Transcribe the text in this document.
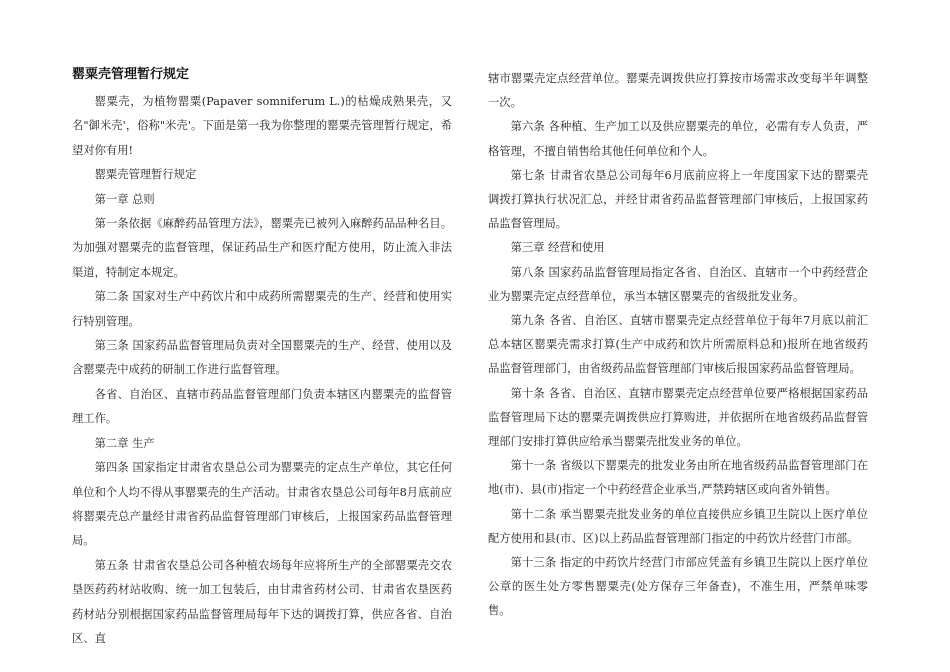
罂粟壳管理暂行规定

罂粟壳，为植物罂粟(Papaver somniferum L.)的枯燥成熟果壳，又名"御米壳'，俗称"米壳'。下面是第一我为你整理的罂粟壳管理暂行规定，希望对你有用!

罂粟壳管理暂行规定

第一章 总则

第一条依据《麻醉药品管理方法》，罂粟壳已被列入麻醉药品品种名目。为加强对罂粟壳的监督管理，保证药品生产和医疗配方使用，防止流入非法渠道，特制定本规定。

第二条 国家对生产中药饮片和中成药所需罂粟壳的生产、经营和使用实行特别管理。

第三条 国家药品监督管理局负责对全国罂粟壳的生产、经营、使用以及含罂粟壳中成药的研制工作进行监督管理。

各省、自治区、直辖市药品监督管理部门负责本辖区内罂粟壳的监督管理工作。

第二章 生产

第四条 国家指定甘肃省农垦总公司为罂粟壳的定点生产单位，其它任何单位和个人均不得从事罂粟壳的生产活动。甘肃省农垦总公司每年8月底前应将罂粟壳总产量经甘肃省药品监督管理部门审核后，上报国家药品监督管理局。

第五条 甘肃省农垦总公司各种植农场每年应将所生产的全部罂粟壳交农垦医药药材站收购、统一加工包装后，由甘肃省药材公司、甘肃省农垦医药药材站分别根据国家药品监督管理局每年下达的调拨打算，供应各省、自治区、直

辖市罂粟壳定点经营单位。罂粟壳调拨供应打算按市场需求改变每半年调整一次。

第六条 各种植、生产加工以及供应罂粟壳的单位，必需有专人负责，严格管理，不擅自销售给其他任何单位和个人。

第七条 甘肃省农垦总公司每年6月底前应将上一年度国家下达的罂粟壳调拨打算执行状况汇总，并经甘肃省药品监督管理部门审核后，上报国家药品监督管理局。

第三章 经营和使用

第八条 国家药品监督管理局指定各省、自治区、直辖市一个中药经营企业为罂粟壳定点经营单位，承当本辖区罂粟壳的省级批发业务。

第九条 各省、自治区、直辖市罂粟壳定点经营单位于每年7月底以前汇总本辖区罂粟壳需求打算(生产中成药和饮片所需原料总和)报所在地省级药品监督管理部门，由省级药品监督管理部门审核后报国家药品监督管理局。

第十条 各省、自治区、直辖市罂粟壳定点经营单位要严格根据国家药品监督管理局下达的罂粟壳调拨供应打算购进，并依据所在地省级药品监督管理部门安排打算供应给承当罂粟壳批发业务的单位。

第十一条 省级以下罂粟壳的批发业务由所在地省级药品监督管理部门在地(市)、县(市)指定一个中药经营企业承当,严禁跨辖区或向省外销售。

第十二条 承当罂粟壳批发业务的单位直接供应乡镇卫生院以上医疗单位配方使用和县(市、区)以上药品监督管理部门指定的中药饮片经营门市部。

第十三条 指定的中药饮片经营门市部应凭盖有乡镇卫生院以上医疗单位公章的医生处方零售罂粟壳(处方保存三年备查)，不准生用，严禁单味零售。
